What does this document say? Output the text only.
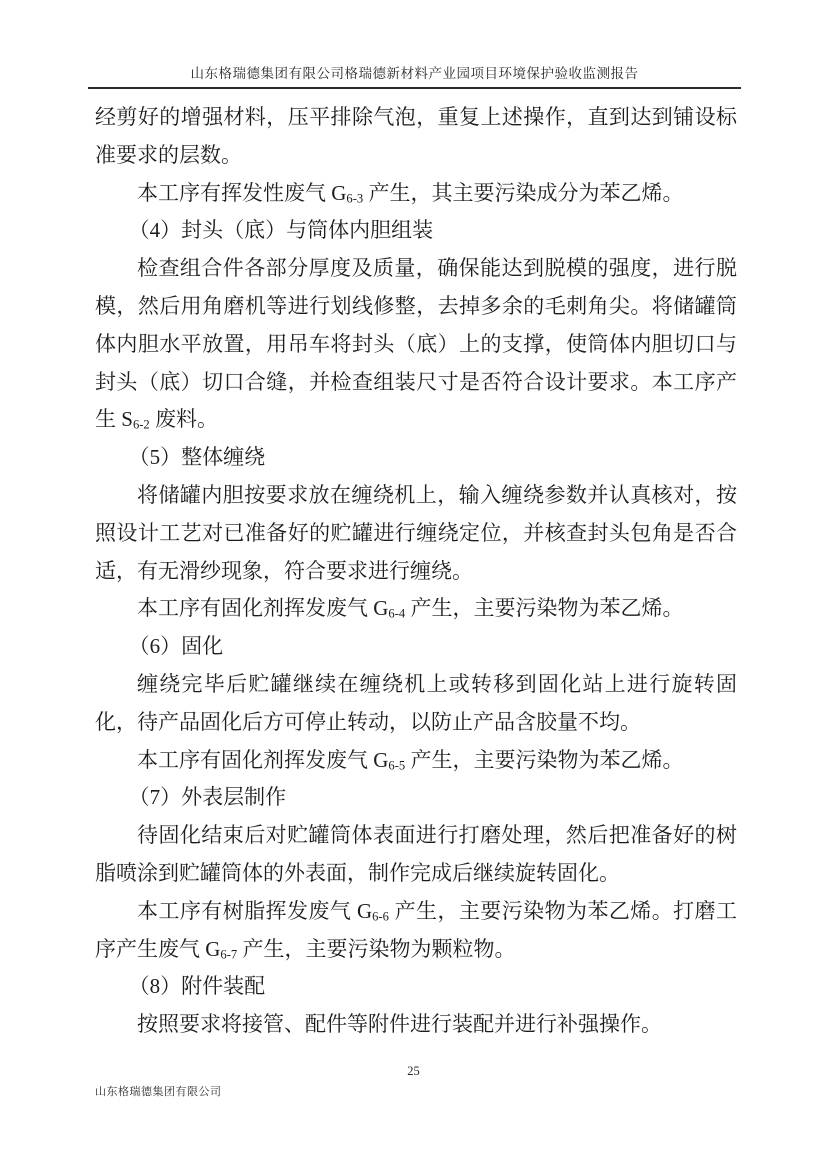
山东格瑞德集团有限公司格瑞德新材料产业园项目环境保护验收监测报告

经剪好的增强材料，压平排除气泡，重复上述操作，直到达到铺设标准要求的层数。

本工序有挥发性废气 $G_{6-3}$ 产生，其主要污染成分为苯乙烯。

（4）封头（底）与筒体内胆组装

检查组合件各部分厚度及质量，确保能达到脱模的强度，进行脱模，然后用角磨机等进行划线修整，去掉多余的毛刺角尖。将储罐筒体内胆水平放置，用吊车将封头（底）上的支撑，使筒体内胆切口与封头（底）切口合缝，并检查组装尺寸是否符合设计要求。本工序产生 $S_{6-2}$ 废料。

（5）整体缠绕

将储罐内胆按要求放在缠绕机上，输入缠绕参数并认真核对，按照设计工艺对已准备好的贮罐进行缠绕定位，并核查封头包角是否合适，有无滑纱现象，符合要求进行缠绕。

本工序有固化剂挥发废气 $G_{6-4}$ 产生，主要污染物为苯乙烯。

（6）固化

缠绕完毕后贮罐继续在缠绕机上或转移到固化站上进行旋转固化，待产品固化后方可停止转动，以防止产品含胶量不均。

本工序有固化剂挥发废气 $G_{6-5}$ 产生，主要污染物为苯乙烯。

（7）外表层制作

待固化结束后对贮罐筒体表面进行打磨处理，然后把准备好的树脂喷涂到贮罐筒体的外表面，制作完成后继续旋转固化。

本工序有树脂挥发废气 $G_{6-6}$ 产生，主要污染物为苯乙烯。打磨工序产生废气 $G_{6-7}$ 产生，主要污染物为颗粒物。

（8）附件装配

按照要求将接管、配件等附件进行装配并进行补强操作。

25
山东格瑞德集团有限公司
